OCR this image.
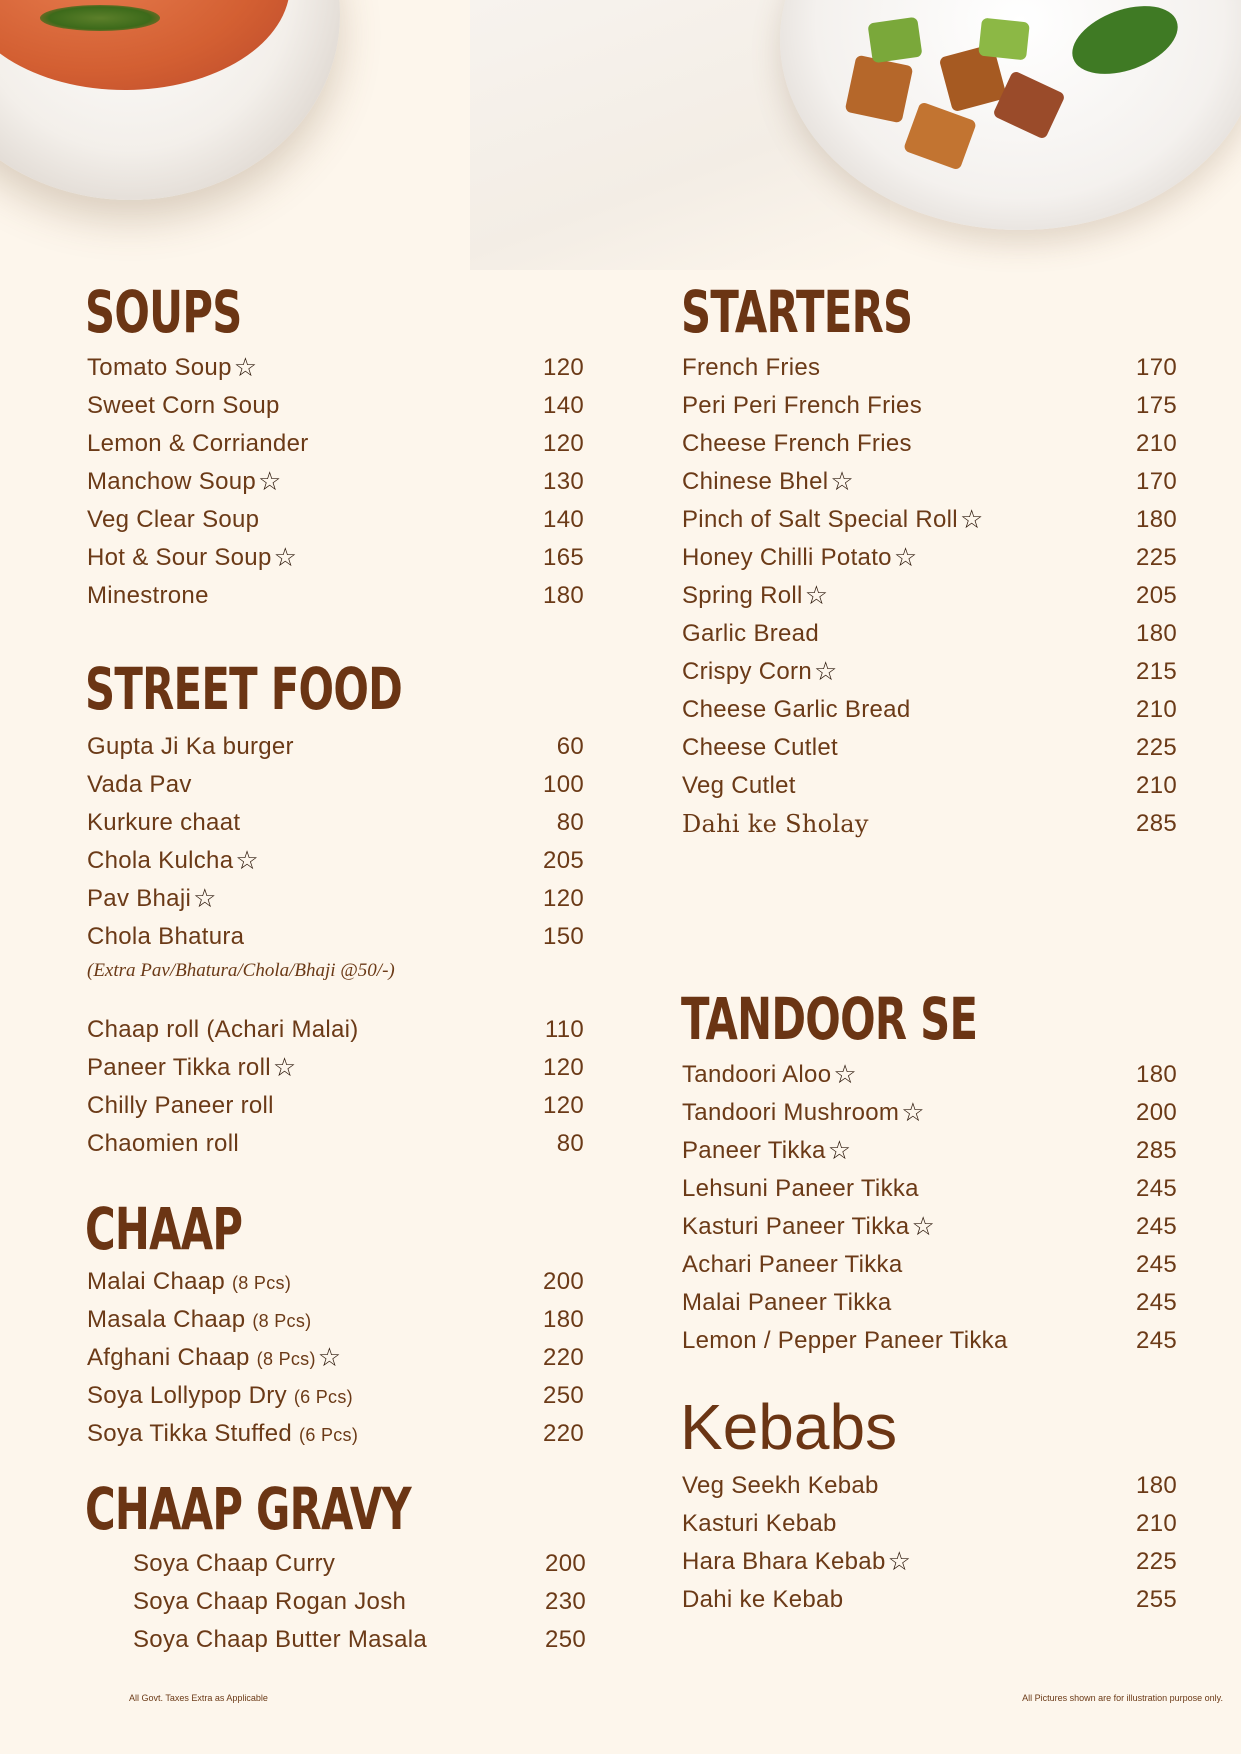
SOUPS
STREET FOOD
(Extra Pav/Bhatura/Chola/Bhaji @50/-)
CHAAP
CHAAP GRAVY
STARTERS
TANDOOR SE
Kebabs
All Govt. Taxes Extra as Applicable	All Pictures shown are for illustration purpose only.
Tomato Soup☆	120
Sweet Corn Soup	140
Lemon & Corriander	120
Manchow Soup☆	130
Veg Clear Soup	140
Hot & Sour Soup☆	165
Minestrone	180
Gupta Ji Ka burger	60
Vada Pav	100
Kurkure chaat	80
Chola Kulcha☆	205
Pav Bhaji☆	120
Chola Bhatura	150
Chaap roll (Achari Malai)	110
Paneer Tikka roll☆	120
Chilly Paneer roll	120
Chaomien roll	80
Malai Chaap (8 Pcs)	200
Masala Chaap (8 Pcs)	180
Afghani Chaap (8 Pcs)☆	220
Soya Lollypop Dry (6 Pcs)	250
Soya Tikka Stuffed (6 Pcs)	220
Soya Chaap Curry	200
Soya Chaap Rogan Josh	230
Soya Chaap Butter Masala	250
French Fries	170
Peri Peri French Fries	175
Cheese French Fries	210
Chinese Bhel☆	170
Pinch of Salt Special Roll☆	180
Honey Chilli Potato☆	225
Spring Roll☆	205
Garlic Bread	180
Crispy Corn☆	215
Cheese Garlic Bread	210
Cheese Cutlet	225
Veg Cutlet	210
Dahi ke Sholay	285
Tandoori Aloo☆	180
Tandoori Mushroom☆	200
Paneer Tikka☆	285
Lehsuni Paneer Tikka	245
Kasturi Paneer Tikka☆	245
Achari Paneer Tikka	245
Malai Paneer Tikka	245
Lemon / Pepper Paneer Tikka	245
Veg Seekh Kebab	180
Kasturi Kebab	210
Hara Bhara Kebab☆	225
Dahi ke Kebab	255
